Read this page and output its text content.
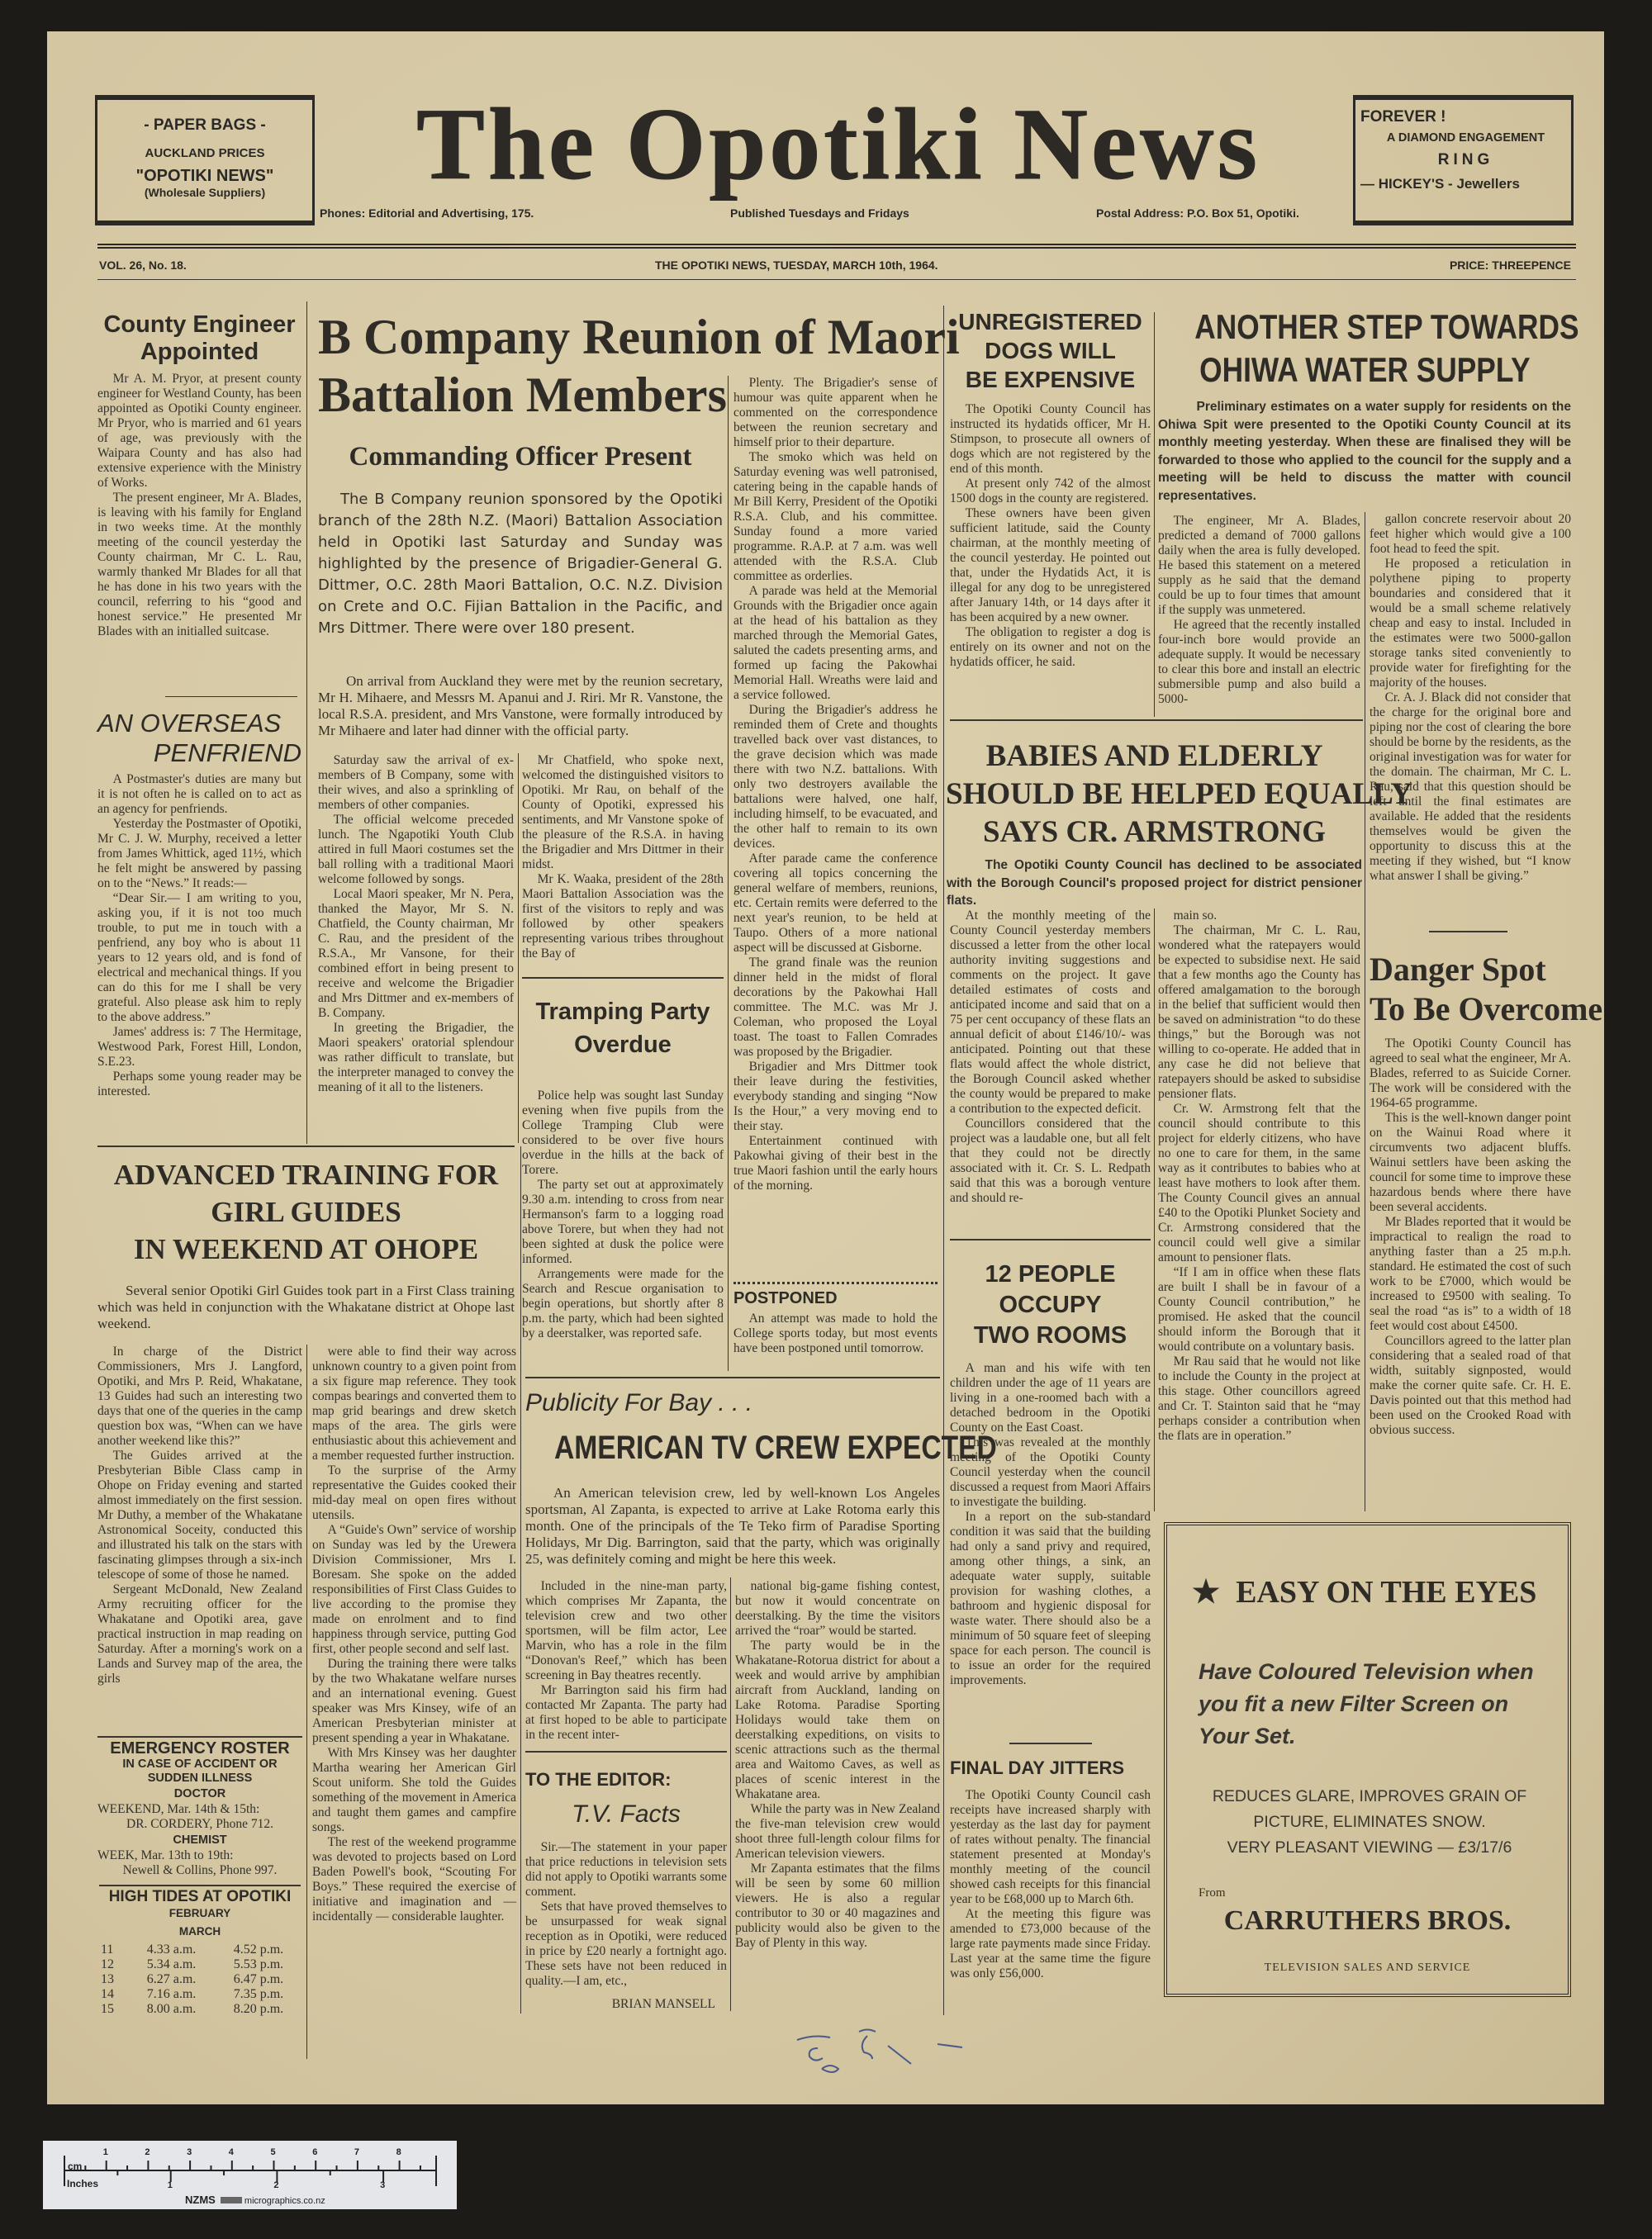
- PAPER BAGS -
AUCKLAND PRICES
"OPOTIKI NEWS"
(Wholesale Suppliers)	The Opotiki News
Phones: Editorial and Advertising, 175.	Published Tuesdays and Fridays	Postal Address: P.O. Box 51, Opotiki.
FOREVER !
A DIAMOND ENGAGEMENT
RING
— HICKEY'S - Jewellers
VOL. 26, No. 18.	THE OPOTIKI NEWS, TUESDAY, MARCH 10th, 1964.	PRICE: THREEPENCE
County Engineer
Appointed

Mr A. M. Pryor, at present county engineer for Westland County, has been appointed as Opotiki County engineer. Mr Pryor, who is married and 61 years of age, was previously with the Waipara County and has also had extensive experience with the Ministry of Works.

The present engineer, Mr A. Blades, is leaving with his family for England in two weeks time. At the monthly meeting of the council yesterday the County chairman, Mr C. L. Rau, warmly thanked Mr Blades for all that he has done in his two years with the council, referring to his “good and honest service.” He presented Mr Blades with an initialled suitcase.

AN OVERSEAS
PENFRIEND

A Postmaster's duties are many but it is not often he is called on to act as an agency for penfriends.

Yesterday the Postmaster of Opotiki, Mr C. J. W. Murphy, received a letter from James Whittick, aged 11½, which he felt might be answered by passing on to the “News.” It reads:—

“Dear Sir.— I am writing to you, asking you, if it is not too much trouble, to put me in touch with a penfriend, any boy who is about 11 years to 12 years old, and is fond of electrical and mechanical things. If you can do this for me I shall be very grateful. Also please ask him to reply to the above address.”

James' address is: 7 The Hermitage, Westwood Park, Forest Hill, London, S.E.23.

Perhaps some young reader may be interested.

ADVANCED TRAINING FOR
GIRL GUIDES
IN WEEKEND AT OHOPE

Several senior Opotiki Girl Guides took part in a First Class training which was held in conjunction with the Whakatane district at Ohope last weekend.

In charge of the District Commissioners, Mrs J. Langford, Opotiki, and Mrs P. Reid, Whakatane, 13 Guides had such an interesting two days that one of the queries in the camp question box was, “When can we have another weekend like this?”

The Guides arrived at the Presbyterian Bible Class camp in Ohope on Friday evening and started almost immediately on the first session. Mr Duthy, a member of the Whakatane Astronomical Soceity, conducted this and illustrated his talk on the stars with fascinating glimpses through a six-inch telescope of some of those he named.

Sergeant McDonald, New Zealand Army recruiting officer for the Whakatane and Opotiki area, gave practical instruction in map reading on Saturday. After a morning's work on a Lands and Survey map of the area, the girls

were able to find their way across unknown country to a given point from a six figure map reference. They took compas bearings and converted them to map grid bearings and drew sketch maps of the area. The girls were enthusiastic about this achievement and a member requested further instruction.

To the surprise of the Army representative the Guides cooked their mid-day meal on open fires without utensils.

A “Guide's Own” service of worship on Sunday was led by the Urewera Division Commissioner, Mrs I. Boresam. She spoke on the added responsibilities of First Class Guides to live according to the promise they made on enrolment and to find happiness through service, putting God first, other people second and self last.

During the training there were talks by the two Whakatane welfare nurses and an international evening. Guest speaker was Mrs Kinsey, wife of an American Presbyterian minister at present spending a year in Whakatane.

With Mrs Kinsey was her daughter Martha wearing her American Girl Scout uniform. She told the Guides something of the movement in America and taught them games and campfire songs.

The rest of the weekend programme was devoted to projects based on Lord Baden Powell's book, “Scouting For Boys.” These required the exercise of initiative and imagination and — incidentally — considerable laughter.

EMERGENCY ROSTER
IN CASE OF ACCIDENT OR SUDDEN ILLNESS
DOCTOR
WEEKEND, Mar. 14th & 15th:
DR. CORDERY, Phone 712.
CHEMIST
WEEK, Mar. 13th to 19th:
Newell & Collins, Phone 997.
HIGH TIDES AT OPOTIKI
FEBRUARY
MARCH
11	4.33 a.m.	4.52 p.m.
12	5.34 a.m.	5.53 p.m.
13	6.27 a.m.	6.47 p.m.
14	7.16 a.m.	7.35 p.m.
15	8.00 a.m.	8.20 p.m.
B Company Reunion of Maori
Battalion Members
Commanding Officer Present

The B Company reunion sponsored by the Opotiki branch of the 28th N.Z. (Maori) Battalion Association held in Opotiki last Saturday and Sunday was highlighted by the presence of Brigadier-General G. Dittmer, O.C. 28th Maori Battalion, O.C. N.Z. Division on Crete and O.C. Fijian Battalion in the Pacific, and Mrs Dittmer. There were over 180 present.

On arrival from Auckland they were met by the reunion secretary, Mr H. Mihaere, and Messrs M. Apanui and J. Riri. Mr R. Vanstone, the local R.S.A. president, and Mrs Vanstone, were formally introduced by Mr Mihaere and later had dinner with the official party.

Saturday saw the arrival of ex-members of B Company, some with their wives, and also a sprinkling of members of other companies.

The official welcome preceded lunch. The Ngapotiki Youth Club attired in full Maori costumes set the ball rolling with a traditional Maori welcome followed by songs.

Local Maori speaker, Mr N. Pera, thanked the Mayor, Mr S. N. Chatfield, the County chairman, Mr C. Rau, and the president of the R.S.A., Mr Vansone, for their combined effort in being present to receive and welcome the Brigadier and Mrs Dittmer and ex-members of B. Company.

In greeting the Brigadier, the Maori speakers' oratorial splendour was rather difficult to translate, but the interpreter managed to convey the meaning of it all to the listeners.

Mr Chatfield, who spoke next, welcomed the distinguished visitors to Opotiki. Mr Rau, on behalf of the County of Opotiki, expressed his sentiments, and Mr Vanstone spoke of the pleasure of the R.S.A. in having the Brigadier and Mrs Dittmer in their midst.

Mr K. Waaka, president of the 28th Maori Battalion Association was the first of the visitors to reply and was followed by other speakers representing various tribes throughout the Bay of

Plenty. The Brigadier's sense of humour was quite apparent when he commented on the correspondence between the reunion secretary and himself prior to their departure.

The smoko which was held on Saturday evening was well patronised, catering being in the capable hands of Mr Bill Kerry, President of the Opotiki R.S.A. Club, and his committee. Sunday found a more varied programme. R.A.P. at 7 a.m. was well attended with the R.S.A. Club committee as orderlies.

A parade was held at the Memorial Grounds with the Brigadier once again at the head of his battalion as they marched through the Memorial Gates, saluted the cadets presenting arms, and formed up facing the Pakowhai Memorial Hall. Wreaths were laid and a service followed.

During the Brigadier's address he reminded them of Crete and thoughts travelled back over vast distances, to the grave decision which was made there with two N.Z. battalions. With only two destroyers available the battalions were halved, one half, including himself, to be evacuated, and the other half to remain to its own devices.

After parade came the conference covering all topics concerning the general welfare of members, reunions, etc. Certain remits were deferred to the next year's reunion, to be held at Taupo. Others of a more national aspect will be discussed at Gisborne.

The grand finale was the reunion dinner held in the midst of floral decorations by the Pakowhai Hall committee. The M.C. was Mr J. Coleman, who proposed the Loyal toast. The toast to Fallen Comrades was proposed by the Brigadier.

Brigadier and Mrs Dittmer took their leave during the festivities, everybody standing and singing “Now Is the Hour,” a very moving end to their stay.

Entertainment continued with Pakowhai giving of their best in the true Maori fashion until the early hours of the morning.

Tramping Party
Overdue

Police help was sought last Sunday evening when five pupils from the College Tramping Club were considered to be over five hours overdue in the hills at the back of Torere.

The party set out at approximately 9.30 a.m. intending to cross from near Hermanson's farm to a logging road above Torere, but when they had not been sighted at dusk the police were informed.

Arrangements were made for the Search and Rescue organisation to begin operations, but shortly after 8 p.m. the party, which had been sighted by a deerstalker, was reported safe.

POSTPONED

An attempt was made to hold the College sports today, but most events have been postponed until tomorrow.

Publicity For Bay . . .
AMERICAN TV CREW EXPECTED

An American television crew, led by well-known Los Angeles sportsman, Al Zapanta, is expected to arrive at Lake Rotoma early this month. One of the principals of the Te Teko firm of Paradise Sporting Holidays, Mr Dig. Barrington, said that the party, which was originally 25, was definitely coming and might be here this week.

Included in the nine-man party, which comprises Mr Zapanta, the television crew and two other sportsmen, will be film actor, Lee Marvin, who has a role in the film “Donovan's Reef,” which has been screening in Bay theatres recently.

Mr Barrington said his firm had contacted Mr Zapanta. The party had at first hoped to be able to participate in the recent inter-

national big-game fishing contest, but now it would concentrate on deerstalking. By the time the visitors arrived the “roar” would be started.

The party would be in the Whakatane-Rotorua district for about a week and would arrive by amphibian aircraft from Auckland, landing on Lake Rotoma. Paradise Sporting Holidays would take them on deerstalking expeditions, on visits to scenic attractions such as the thermal area and Waitomo Caves, as well as places of scenic interest in the Whakatane area.

While the party was in New Zealand the five-man television crew would shoot three full-length colour films for American television viewers.

Mr Zapanta estimates that the films will be seen by some 60 million viewers. He is also a regular contributor to 30 or 40 magazines and publicity would also be given to the Bay of Plenty in this way.

TO THE EDITOR:
T.V. Facts

Sir.—The statement in your paper that price reductions in television sets did not apply to Opotiki warrants some comment.

Sets that have proved themselves to be unsurpassed for weak signal reception as in Opotiki, were reduced in price by £20 nearly a fortnight ago. These sets have not been reduced in quality.—I am, etc.,

BRIAN MANSELL
UNREGISTERED
DOGS WILL
BE EXPENSIVE

The Opotiki County Council has instructed its hydatids officer, Mr H. Stimpson, to prosecute all owners of dogs which are not registered by the end of this month.

At present only 742 of the almost 1500 dogs in the county are registered.

These owners have been given sufficient latitude, said the County chairman, at the monthly meeting of the council yesterday. He pointed out that, under the Hydatids Act, it is illegal for any dog to be unregistered after January 14th, or 14 days after it has been acquired by a new owner.

The obligation to register a dog is entirely on its owner and not on the hydatids officer, he said.

ANOTHER STEP TOWARDS
OHIWA WATER SUPPLY

Preliminary estimates on a water supply for residents on the Ohiwa Spit were presented to the Opotiki County Council at its monthly meeting yesterday. When these are finalised they will be forwarded to those who applied to the council for the supply and a meeting will be held to discuss the matter with council representatives.

The engineer, Mr A. Blades, predicted a demand of 7000 gallons daily when the area is fully developed. He based this statement on a metered supply as he said that the demand could be up to four times that amount if the supply was unmetered.

He agreed that the recently installed four-inch bore would provide an adequate supply. It would be necessary to clear this bore and install an electric submersible pump and also build a 5000-

gallon concrete reservoir about 20 feet higher which would give a 100 foot head to feed the spit.

He proposed a reticulation in polythene piping to property boundaries and considered that it would be a small scheme relatively cheap and easy to instal. Included in the estimates were two 5000-gallon storage tanks sited conveniently to provide water for firefighting for the majority of the houses.

Cr. A. J. Black did not consider that the charge for the original bore and piping nor the cost of clearing the bore should be borne by the residents, as the original investigation was for water for the domain. The chairman, Mr C. L. Rau, said that this question should be left until the final estimates are available. He added that the residents themselves would be given the opportunity to discuss this at the meeting if they wished, but “I know what answer I shall be giving.”

BABIES AND ELDERLY
SHOULD BE HELPED EQUALLY
SAYS CR. ARMSTRONG

The Opotiki County Council has declined to be associated with the Borough Council's proposed project for district pensioner flats.

At the monthly meeting of the County Council yesterday members discussed a letter from the other local authority inviting suggestions and comments on the project. It gave detailed estimates of costs and anticipated income and said that on a 75 per cent occupancy of these flats an annual deficit of about £146/10/- was anticipated. Pointing out that these flats would affect the whole district, the Borough Council asked whether the county would be prepared to make a contribution to the expected deficit.

Councillors considered that the project was a laudable one, but all felt that they could not be directly associated with it. Cr. S. L. Redpath said that this was a borough venture and should re-

main so.

The chairman, Mr C. L. Rau, wondered what the ratepayers would be expected to subsidise next. He said that a few months ago the County has offered amalgamation to the borough in the belief that sufficient would then be saved on administration “to do these things,” but the Borough was not willing to co-operate. He added that in any case he did not believe that ratepayers should be asked to subsidise pensioner flats.

Cr. W. Armstrong felt that the council should contribute to this project for elderly citizens, who have no one to care for them, in the same way as it contributes to babies who at least have mothers to look after them. The County Council gives an annual £40 to the Opotiki Plunket Society and Cr. Armstrong considered that the council could well give a similar amount to pensioner flats.

“If I am in office when these flats are built I shall be in favour of a County Council contribution,” he promised. He asked that the council should inform the Borough that it would contribute on a voluntary basis.

Mr Rau said that he would not like to include the County in the project at this stage. Other councillors agreed and Cr. T. Stainton said that he “may perhaps consider a contribution when the flats are in operation.”

Danger Spot
To Be Overcome

The Opotiki County Council has agreed to seal what the engineer, Mr A. Blades, referred to as Suicide Corner. The work will be considered with the 1964-65 programme.

This is the well-known danger point on the Wainui Road where it circumvents two adjacent bluffs. Wainui settlers have been asking the council for some time to improve these hazardous bends where there have been several accidents.

Mr Blades reported that it would be impractical to realign the road to anything faster than a 25 m.p.h. standard. He estimated the cost of such work to be £7000, which would be increased to £9500 with sealing. To seal the road “as is” to a width of 18 feet would cost about £4500.

Councillors agreed to the latter plan considering that a sealed road of that width, suitably signposted, would make the corner quite safe. Cr. H. E. Davis pointed out that this method had been used on the Crooked Road with obvious success.

12 PEOPLE
OCCUPY
TWO ROOMS

A man and his wife with ten children under the age of 11 years are living in a one-roomed bach with a detached bedroom in the Opotiki County on the East Coast.

This was revealed at the monthly meeting of the Opotiki County Council yesterday when the council discussed a request from Maori Affairs to investigate the building.

In a report on the sub-standard condition it was said that the building had only a sand privy and required, among other things, a sink, an adequate water supply, suitable provision for washing clothes, a bathroom and hygienic disposal for waste water. There should also be a minimum of 50 square feet of sleeping space for each person. The council is to issue an order for the required improvements.

FINAL DAY JITTERS

The Opotiki County Council cash receipts have increased sharply with yesterday as the last day for payment of rates without penalty. The financial statement presented at Monday's monthly meeting of the council showed cash receipts for this financial year to be £68,000 up to March 6th.

At the meeting this figure was amended to £73,000 because of the large rate payments made since Friday. Last year at the same time the figure was only £56,000.

★ EASY ON THE EYES
Have Coloured Television when you fit a new Filter Screen on Your Set.
REDUCES GLARE, IMPROVES GRAIN OF
PICTURE, ELIMINATES SNOW.
VERY PLEASANT VIEWING — £3/17/6
From
CARRUTHERS BROS.
TELEVISION SALES AND SERVICE
cm
Inches
NZMS	micrographics.co.nz
1	2	3	4	5	6	7	8
1	2	3
